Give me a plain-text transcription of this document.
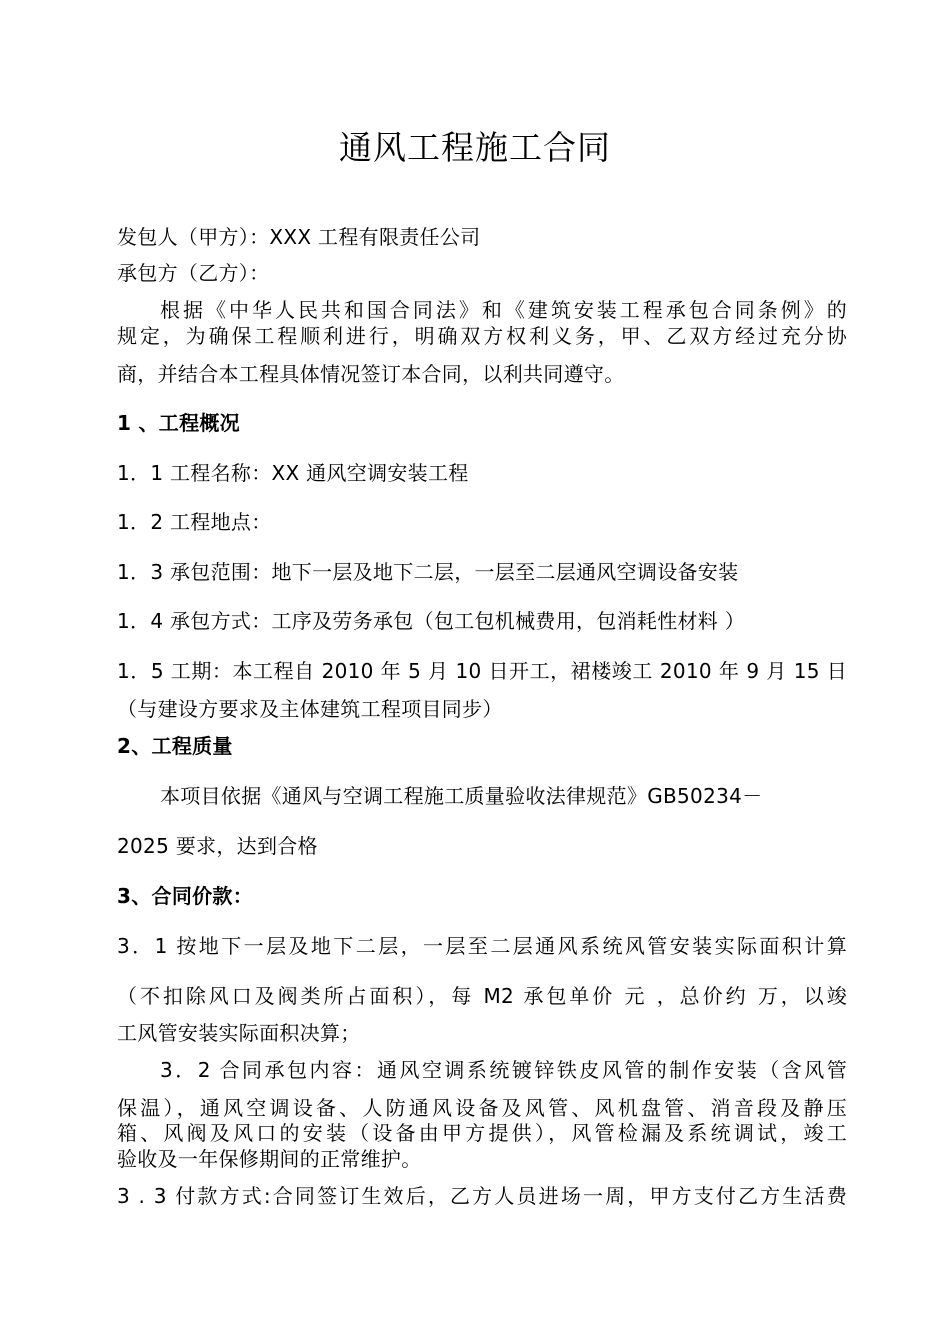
通风工程施工合同
发包人（甲方）：XXX 工程有限责任公司
承包方（乙方）：
根据《中华人民共和国合同法》和《建筑安装工程承包合同条例》的
规定，为确保工程顺利进行，明确双方权利义务，甲、乙双方经过充分协
商，并结合本工程具体情况签订本合同，以利共同遵守。
1 、工程概况
1．1 工程名称：XX 通风空调安装工程
1．2 工程地点：
1．3 承包范围：地下一层及地下二层，一层至二层通风空调设备安装
1．4 承包方式：工序及劳务承包（包工包机械费用，包消耗性材料 ）
1．5 工期：本工程自 2010 年 5 月 10 日开工，裙楼竣工 2010 年 9 月 15 日
（与建设方要求及主体建筑工程项目同步）
2、工程质量
本项目依据《通风与空调工程施工质量验收法律规范》GB50234－
2025 要求，达到合格
3、合同价款：
3．1 按地下一层及地下二层，一层至二层通风系统风管安装实际面积计算
（不扣除风口及阀类所占面积），每 M2 承包单价 元 ，总价约 万，以竣
工风管安装实际面积决算；
3．2 合同承包内容：通风空调系统镀锌铁皮风管的制作安装（含风管
保温），通风空调设备、人防通风设备及风管、风机盘管、消音段及静压
箱、风阀及风口的安装（设备由甲方提供），风管检漏及系统调试，竣工
验收及一年保修期间的正常维护。
3 . 3 付款方式:合同签订生效后，乙方人员进场一周，甲方支付乙方生活费
